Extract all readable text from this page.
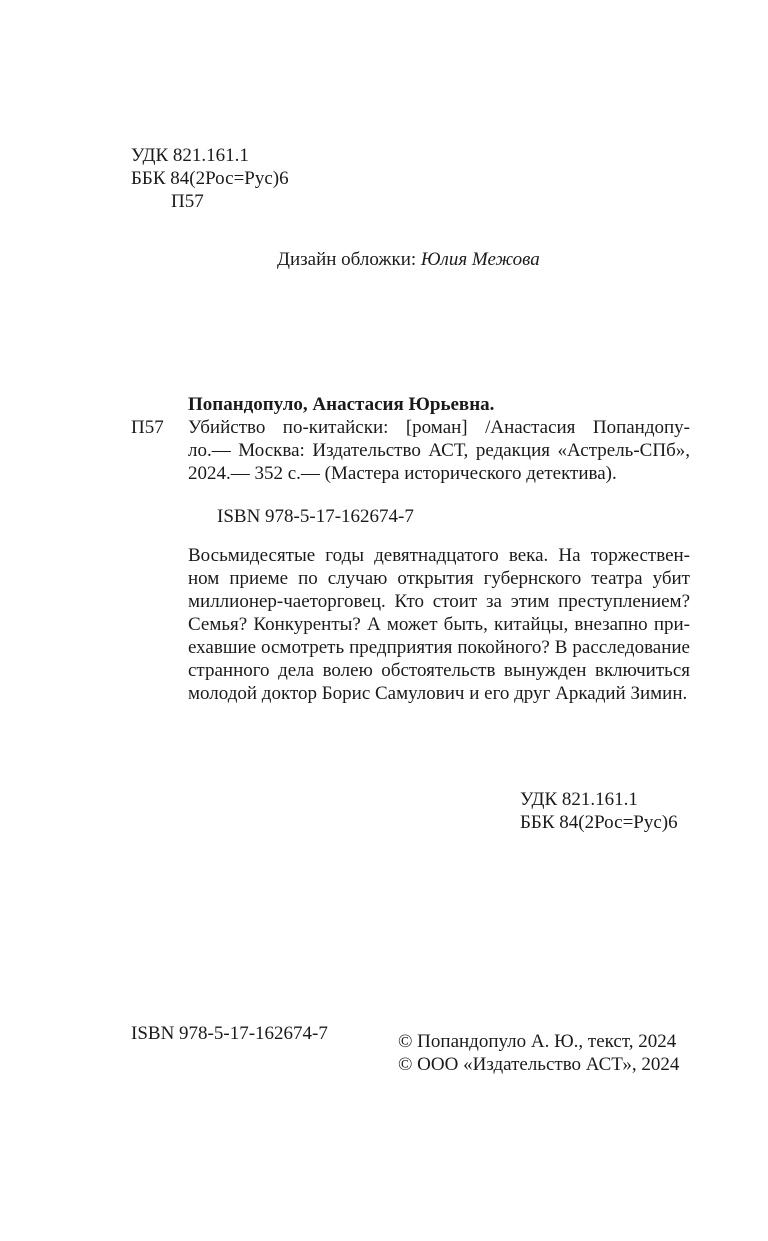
УДК 821.161.1
ББК 84(2Рос=Рус)6
П57
Дизайн обложки: Юлия Межова
Попандопуло, Анастасия Юрьевна.
П57 Убийство по-китайски: [роман] /Анастасия Попандопу-
ло.— Москва: Издательство АСТ, редакция «Астрель-СПб»,
2024.— 352 с.— (Мастера исторического детектива).
ISBN 978-5-17-162674-7
Восьмидесятые годы девятнадцатого века. На торжествен-
ном приеме по случаю открытия губернского театра убит
миллионер-чаеторговец. Кто стоит за этим преступлением?
Семья? Конкуренты? А может быть, китайцы, внезапно при-
ехавшие осмотреть предприятия покойного? В расследование
странного дела волею обстоятельств вынужден включиться
молодой доктор Борис Самулович и его друг Аркадий Зимин.
УДК 821.161.1
ББК 84(2Рос=Рус)6
ISBN 978-5-17-162674-7	© Попандопуло А. Ю., текст, 2024
© ООО «Издательство АСТ», 2024
